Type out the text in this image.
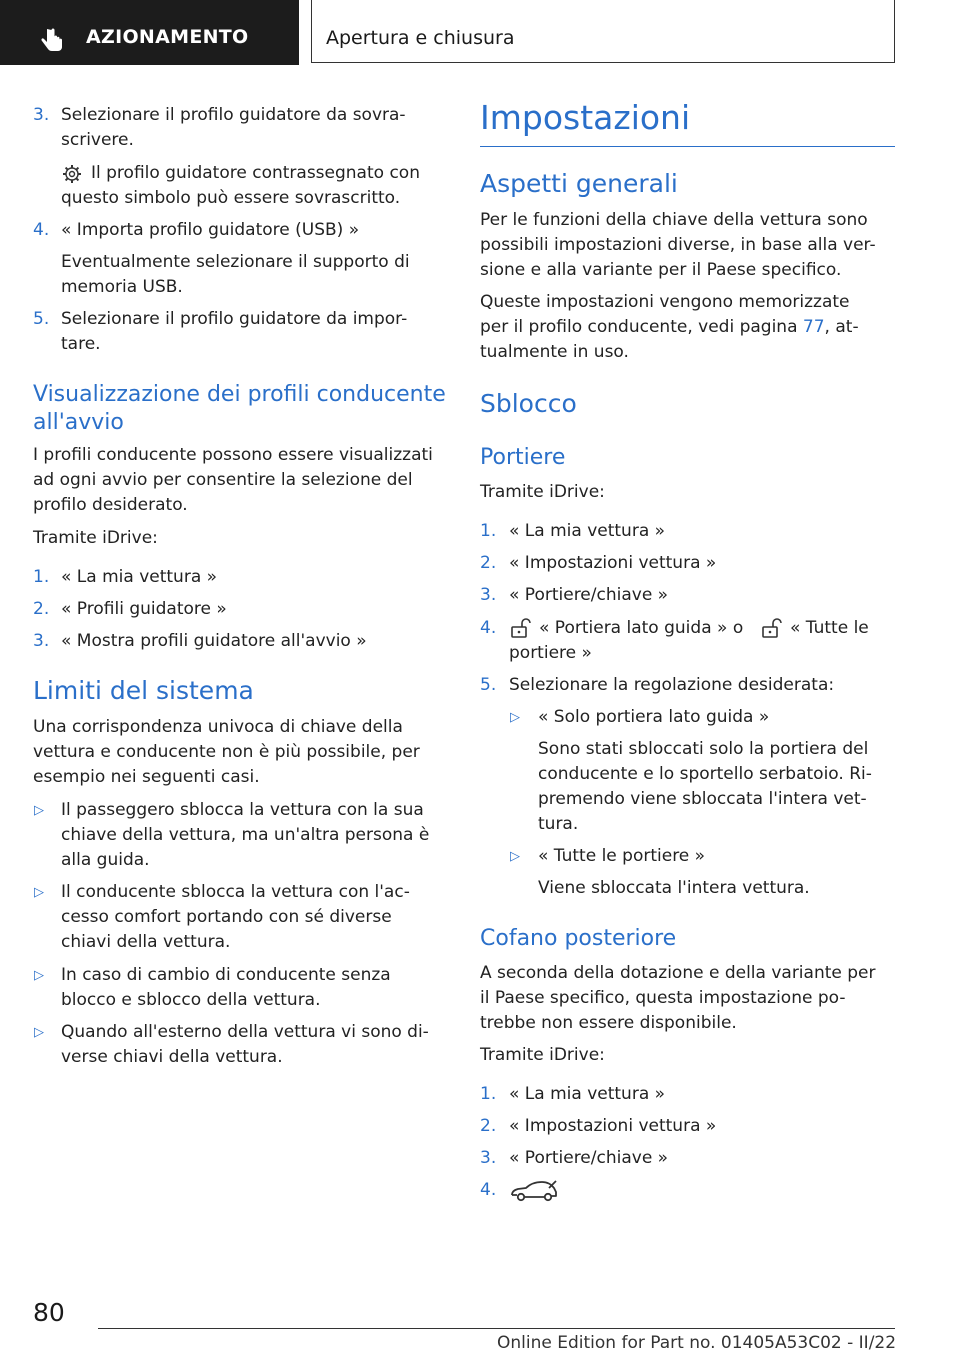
AZIONAMENTO	Apertura e chiusura
3. Selezionare il profilo guidatore da sovra-
scrivere.
Il profilo guidatore contrassegnato con
questo simbolo può essere sovrascritto.
4. « Importa profilo guidatore (USB) »
Eventualmente selezionare il supporto di
memoria USB.
5. Selezionare il profilo guidatore da impor-
tare.
Visualizzazione dei profili conducente
all'avvio
I profili conducente possono essere visualizzati
ad ogni avvio per consentire la selezione del
profilo desiderato.
Tramite iDrive:
1. « La mia vettura »
2. « Profili guidatore »
3. « Mostra profili guidatore all'avvio »
Limiti del sistema
Una corrispondenza univoca di chiave della
vettura e conducente non è più possibile, per
esempio nei seguenti casi.
▷ Il passeggero sblocca la vettura con la sua
chiave della vettura, ma un'altra persona è
alla guida.
▷ Il conducente sblocca la vettura con l'ac-
cesso comfort portando con sé diverse
chiavi della vettura.
▷ In caso di cambio di conducente senza
blocco e sblocco della vettura.
▷ Quando all'esterno della vettura vi sono di-
verse chiavi della vettura.
Impostazioni
Aspetti generali
Per le funzioni della chiave della vettura sono
possibili impostazioni diverse, in base alla ver-
sione e alla variante per il Paese specifico.
Queste impostazioni vengono memorizzate
per il profilo conducente, vedi pagina 77, at-
tualmente in uso.
Sblocco
Portiere
Tramite iDrive:
1. « La mia vettura »
2. « Impostazioni vettura »
3. « Portiere/chiave »
4.	« Portiera lato guida » o	« Tutte le
portiere »
5. Selezionare la regolazione desiderata:
▷ « Solo portiera lato guida »
Sono stati sbloccati solo la portiera del
conducente e lo sportello serbatoio. Ri-
premendo viene sbloccata l'intera vet-
tura.
▷ « Tutte le portiere »
Viene sbloccata l'intera vettura.
Cofano posteriore
A seconda della dotazione e della variante per
il Paese specifico, questa impostazione po-
trebbe non essere disponibile.
Tramite iDrive:
1. « La mia vettura »
2. « Impostazioni vettura »
3. « Portiere/chiave »
4.
80
Online Edition for Part no. 01405A53C02 - II/22
